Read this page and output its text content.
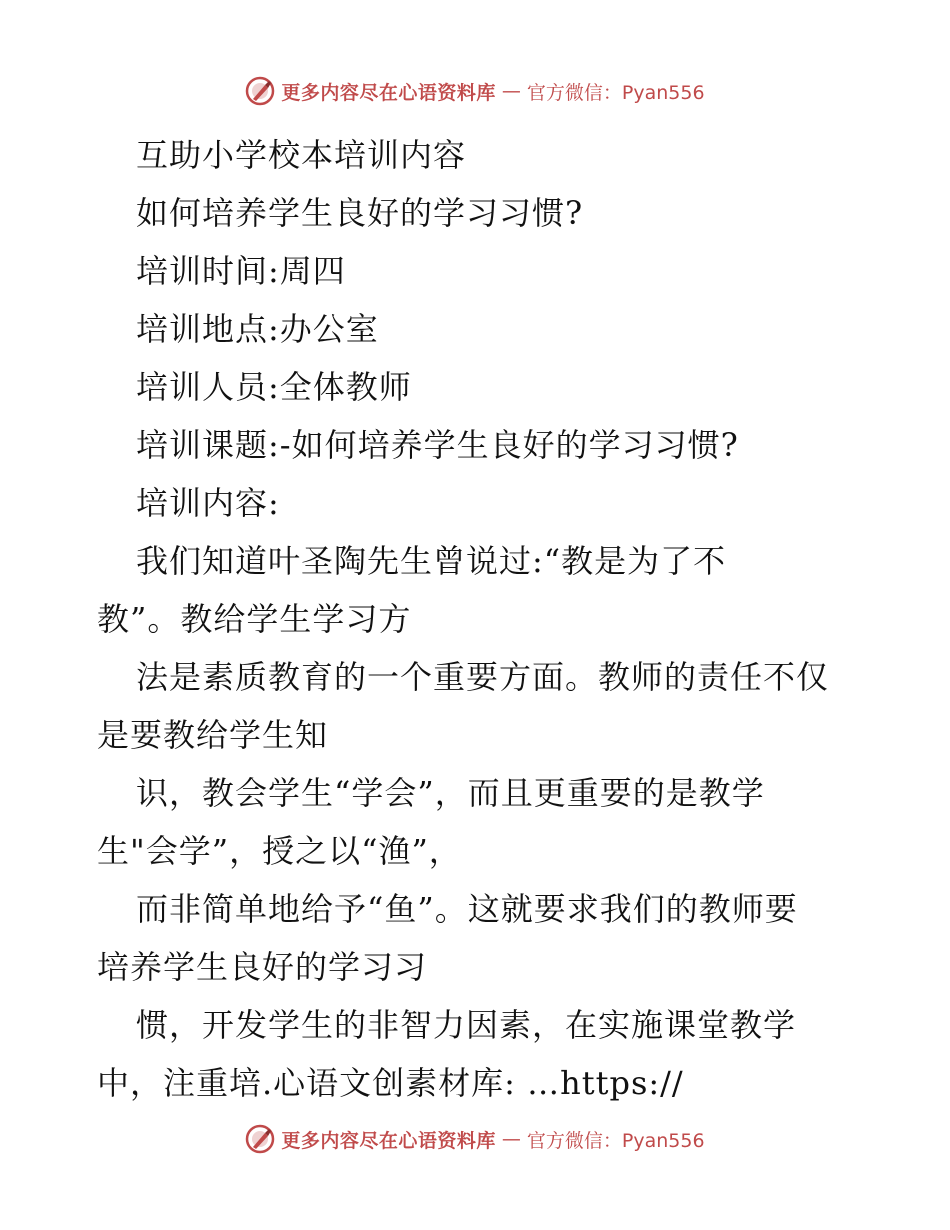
更多内容尽在心语资料库 — 官方微信：Pyan556
互助小学校本培训内容
如何培养学生良好的学习习惯?
培训时间:周四
培训地点:办公室
培训人员:全体教师
培训课题:-如何培养学生良好的学习习惯?
培训内容:
我们知道叶圣陶先生曾说过:“教是为了不
教”。教给学生学习方
法是素质教育的一个重要方面。教师的责任不仅
是要教给学生知
识，教会学生“学会”，而且更重要的是教学
生"会学”，授之以“渔”，
而非简单地给予“鱼”。这就要求我们的教师要
培养学生良好的学习习
惯，开发学生的非智力因素，在实施课堂教学
中，注重培.心语文创素材库: …https://
更多内容尽在心语资料库 — 官方微信：Pyan556
